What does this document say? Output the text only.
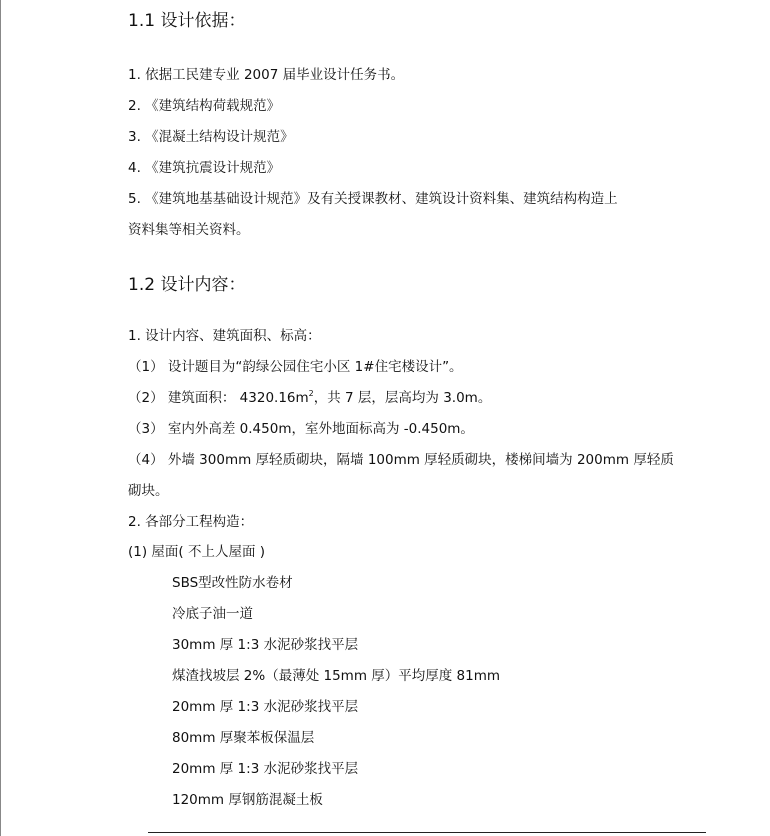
1.1 设计依据：
1. 依据工民建专业 2007 届毕业设计任务书。
2. 《建筑结构荷载规范》
3. 《混凝土结构设计规范》
4. 《建筑抗震设计规范》
5. 《建筑地基基础设计规范》及有关授课教材、建筑设计资料集、建筑结构构造上
资料集等相关资料。
1.2 设计内容：
1. 设计内容、建筑面积、标高：
（1） 设计题目为“韵绿公园住宅小区 1#住宅楼设计”。
（2） 建筑面积： $4320.16m^2$，共 7 层，层高均为 3.0m。
（3） 室内外高差 0.450m，室外地面标高为 -0.450m。
（4） 外墙 300mm 厚轻质砌块，隔墙 100mm 厚轻质砌块，楼梯间墙为 200mm 厚轻质
砌块。
2. 各部分工程构造：
(1) 屋面( 不上人屋面 )
SBS型改性防水卷材
冷底子油一道
30mm 厚 1:3 水泥砂浆找平层
煤渣找坡层 2%（最薄处 15mm 厚）平均厚度 81mm
20mm 厚 1:3 水泥砂浆找平层
80mm 厚聚苯板保温层
20mm 厚 1:3 水泥砂浆找平层
120mm 厚钢筋混凝土板
